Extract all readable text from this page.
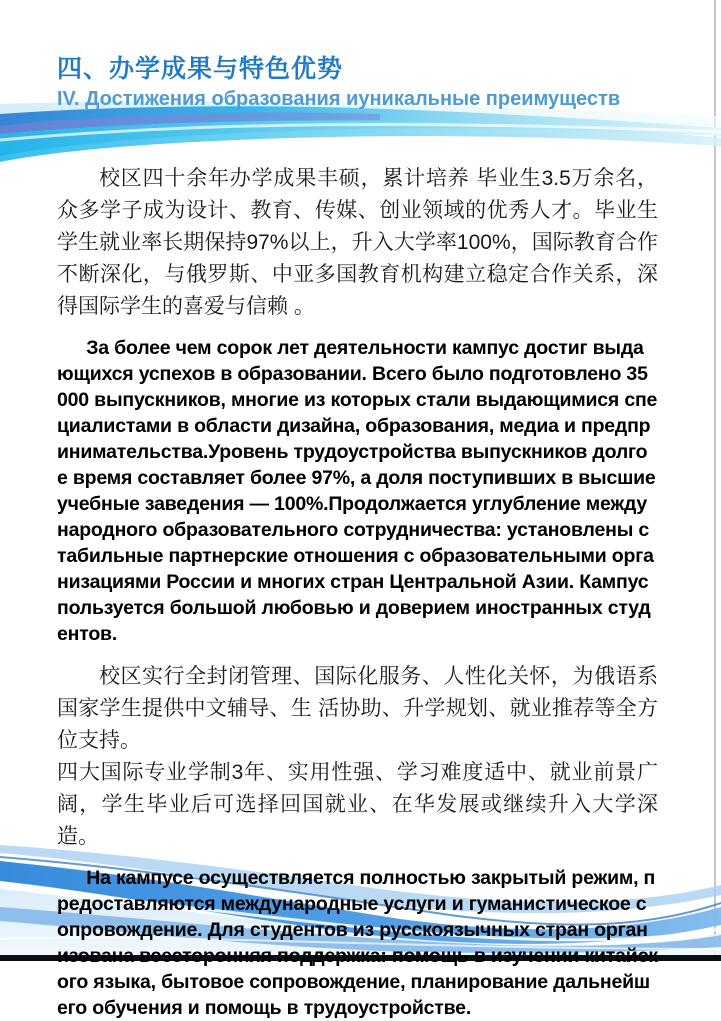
四、办学成果与特色优势
IV. Достижения образования иуникальные преимуществ

校区四十余年办学成果丰硕，累计培养 毕业生3.5万余名，众多学子成为设计、教育、传媒、创业领域的优秀人才。毕业生学生就业率长期保持97%以上，升入大学率100%，国际教育合作不断深化，与俄罗斯、中亚多国教育机构建立稳定合作关系，深得国际学生的喜爱与信赖 。

За более чем сорок лет деятельности кампус достиг выдающихся успехов в образовании. Всего было подготовлено 35 000 выпускников, многие из которых стали выдающимися специалистами в области дизайна, образования, медиа и предпринимательства.Уровень трудоустройства выпускников долгое время составляет более 97%, а доля поступивших в высшие учебные заведения — 100%.Продолжается углубление международного образовательного сотрудничества: установлены стабильные партнерские отношения с образовательными организациями России и многих стран Центральной Азии. Кампус пользуется большой любовью и доверием иностранных студентов.

校区实行全封闭管理、国际化服务、人性化关怀，为俄语系国家学生提供中文辅导、生 活协助、升学规划、就业推荐等全方位支持。

四大国际专业学制3年、实用性强、学习难度适中、就业前景广阔，学生毕业后可选择回国就业、在华发展或继续升入大学深造。

На кампусе осуществляется полностью закрытый режим, предоставляются международные услуги и гуманистическое сопровождение. Для студентов из русскоязычных стран организована всесторонняя поддержка: помощь в изучении китайского языка, бытовое сопровождение, планирование дальнейшего обучения и помощь в трудоустройстве.
